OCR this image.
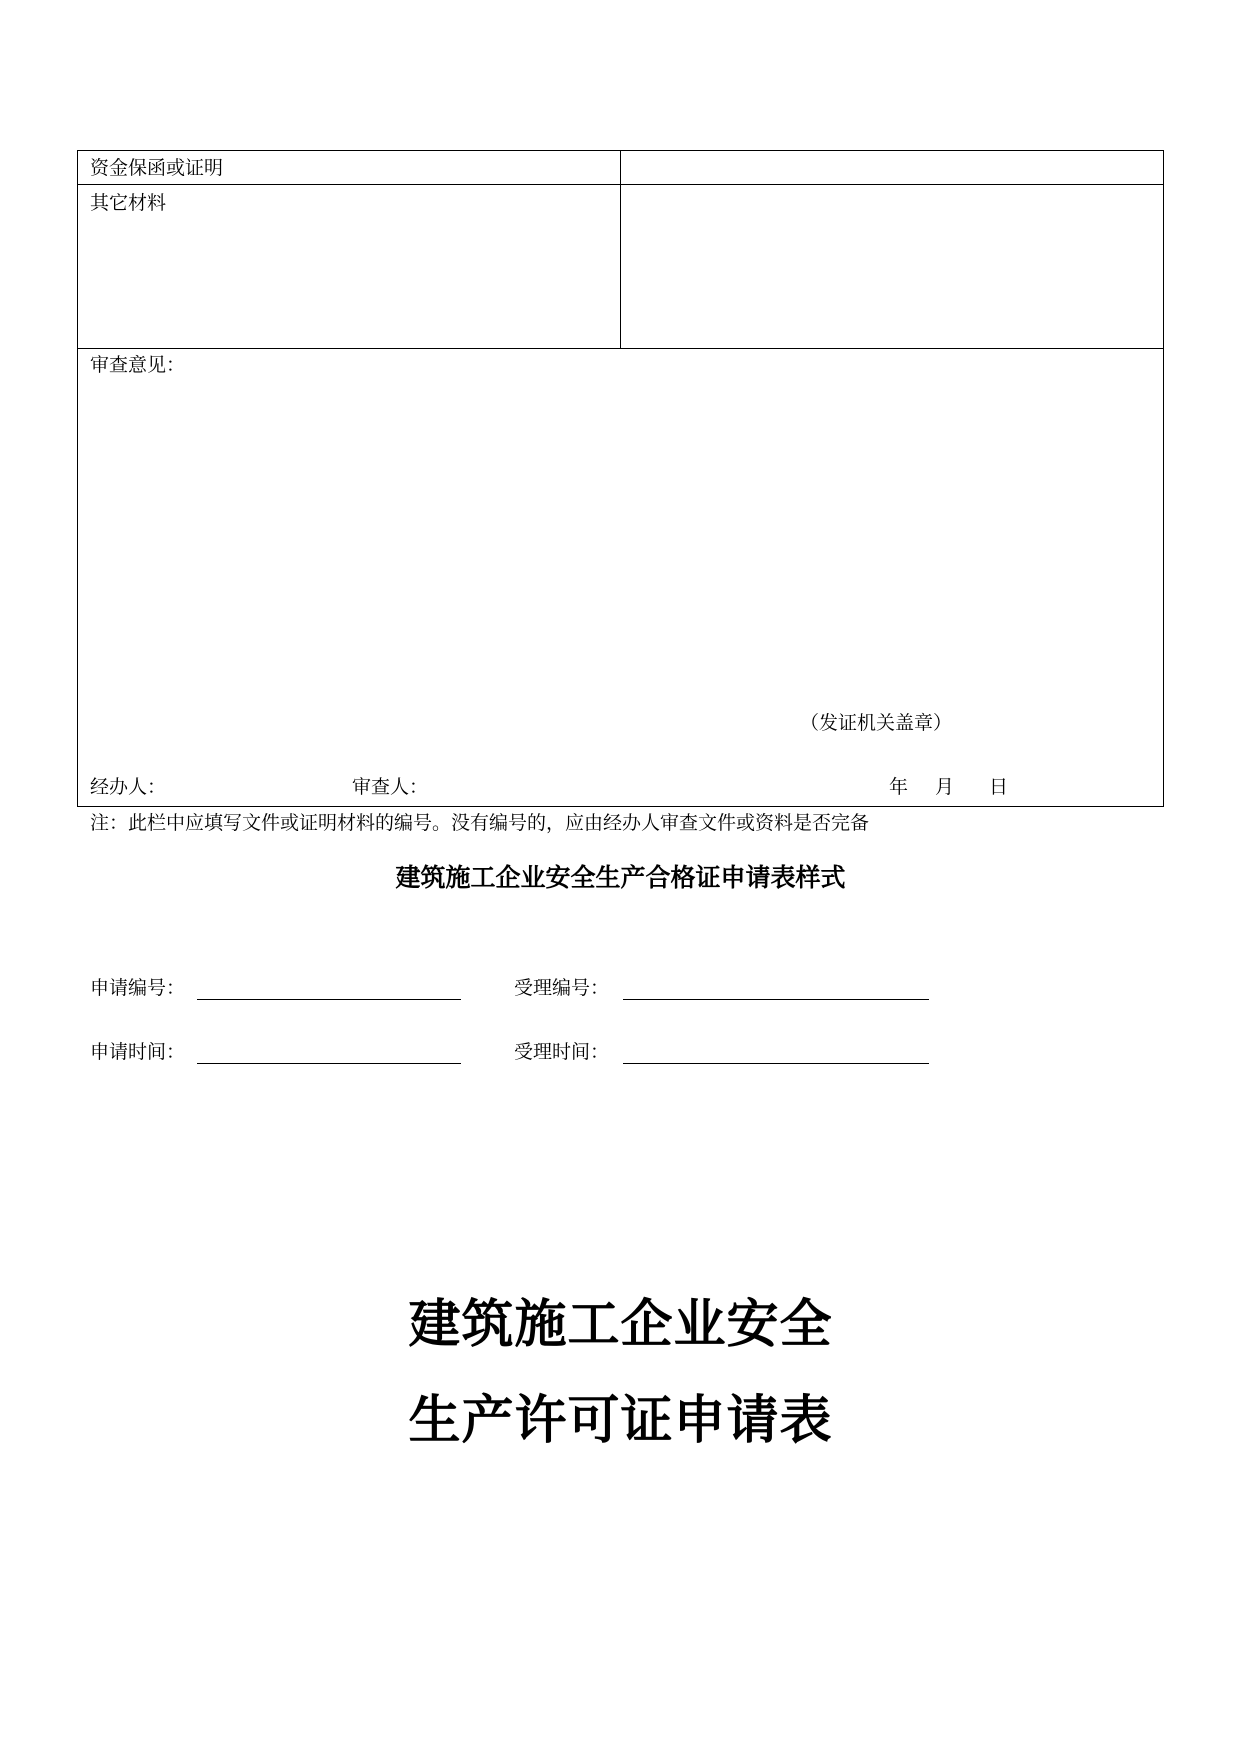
资金保函或证明
其它材料
审查意见：
（发证机关盖章）
经办人：	审查人：	年 月 日
注：此栏中应填写文件或证明材料的编号。没有编号的，应由经办人审查文件或资料是否完备
建筑施工企业安全生产合格证申请表样式
申请编号：	受理编号：
申请时间：	受理时间：
建筑施工企业安全
生产许可证申请表
